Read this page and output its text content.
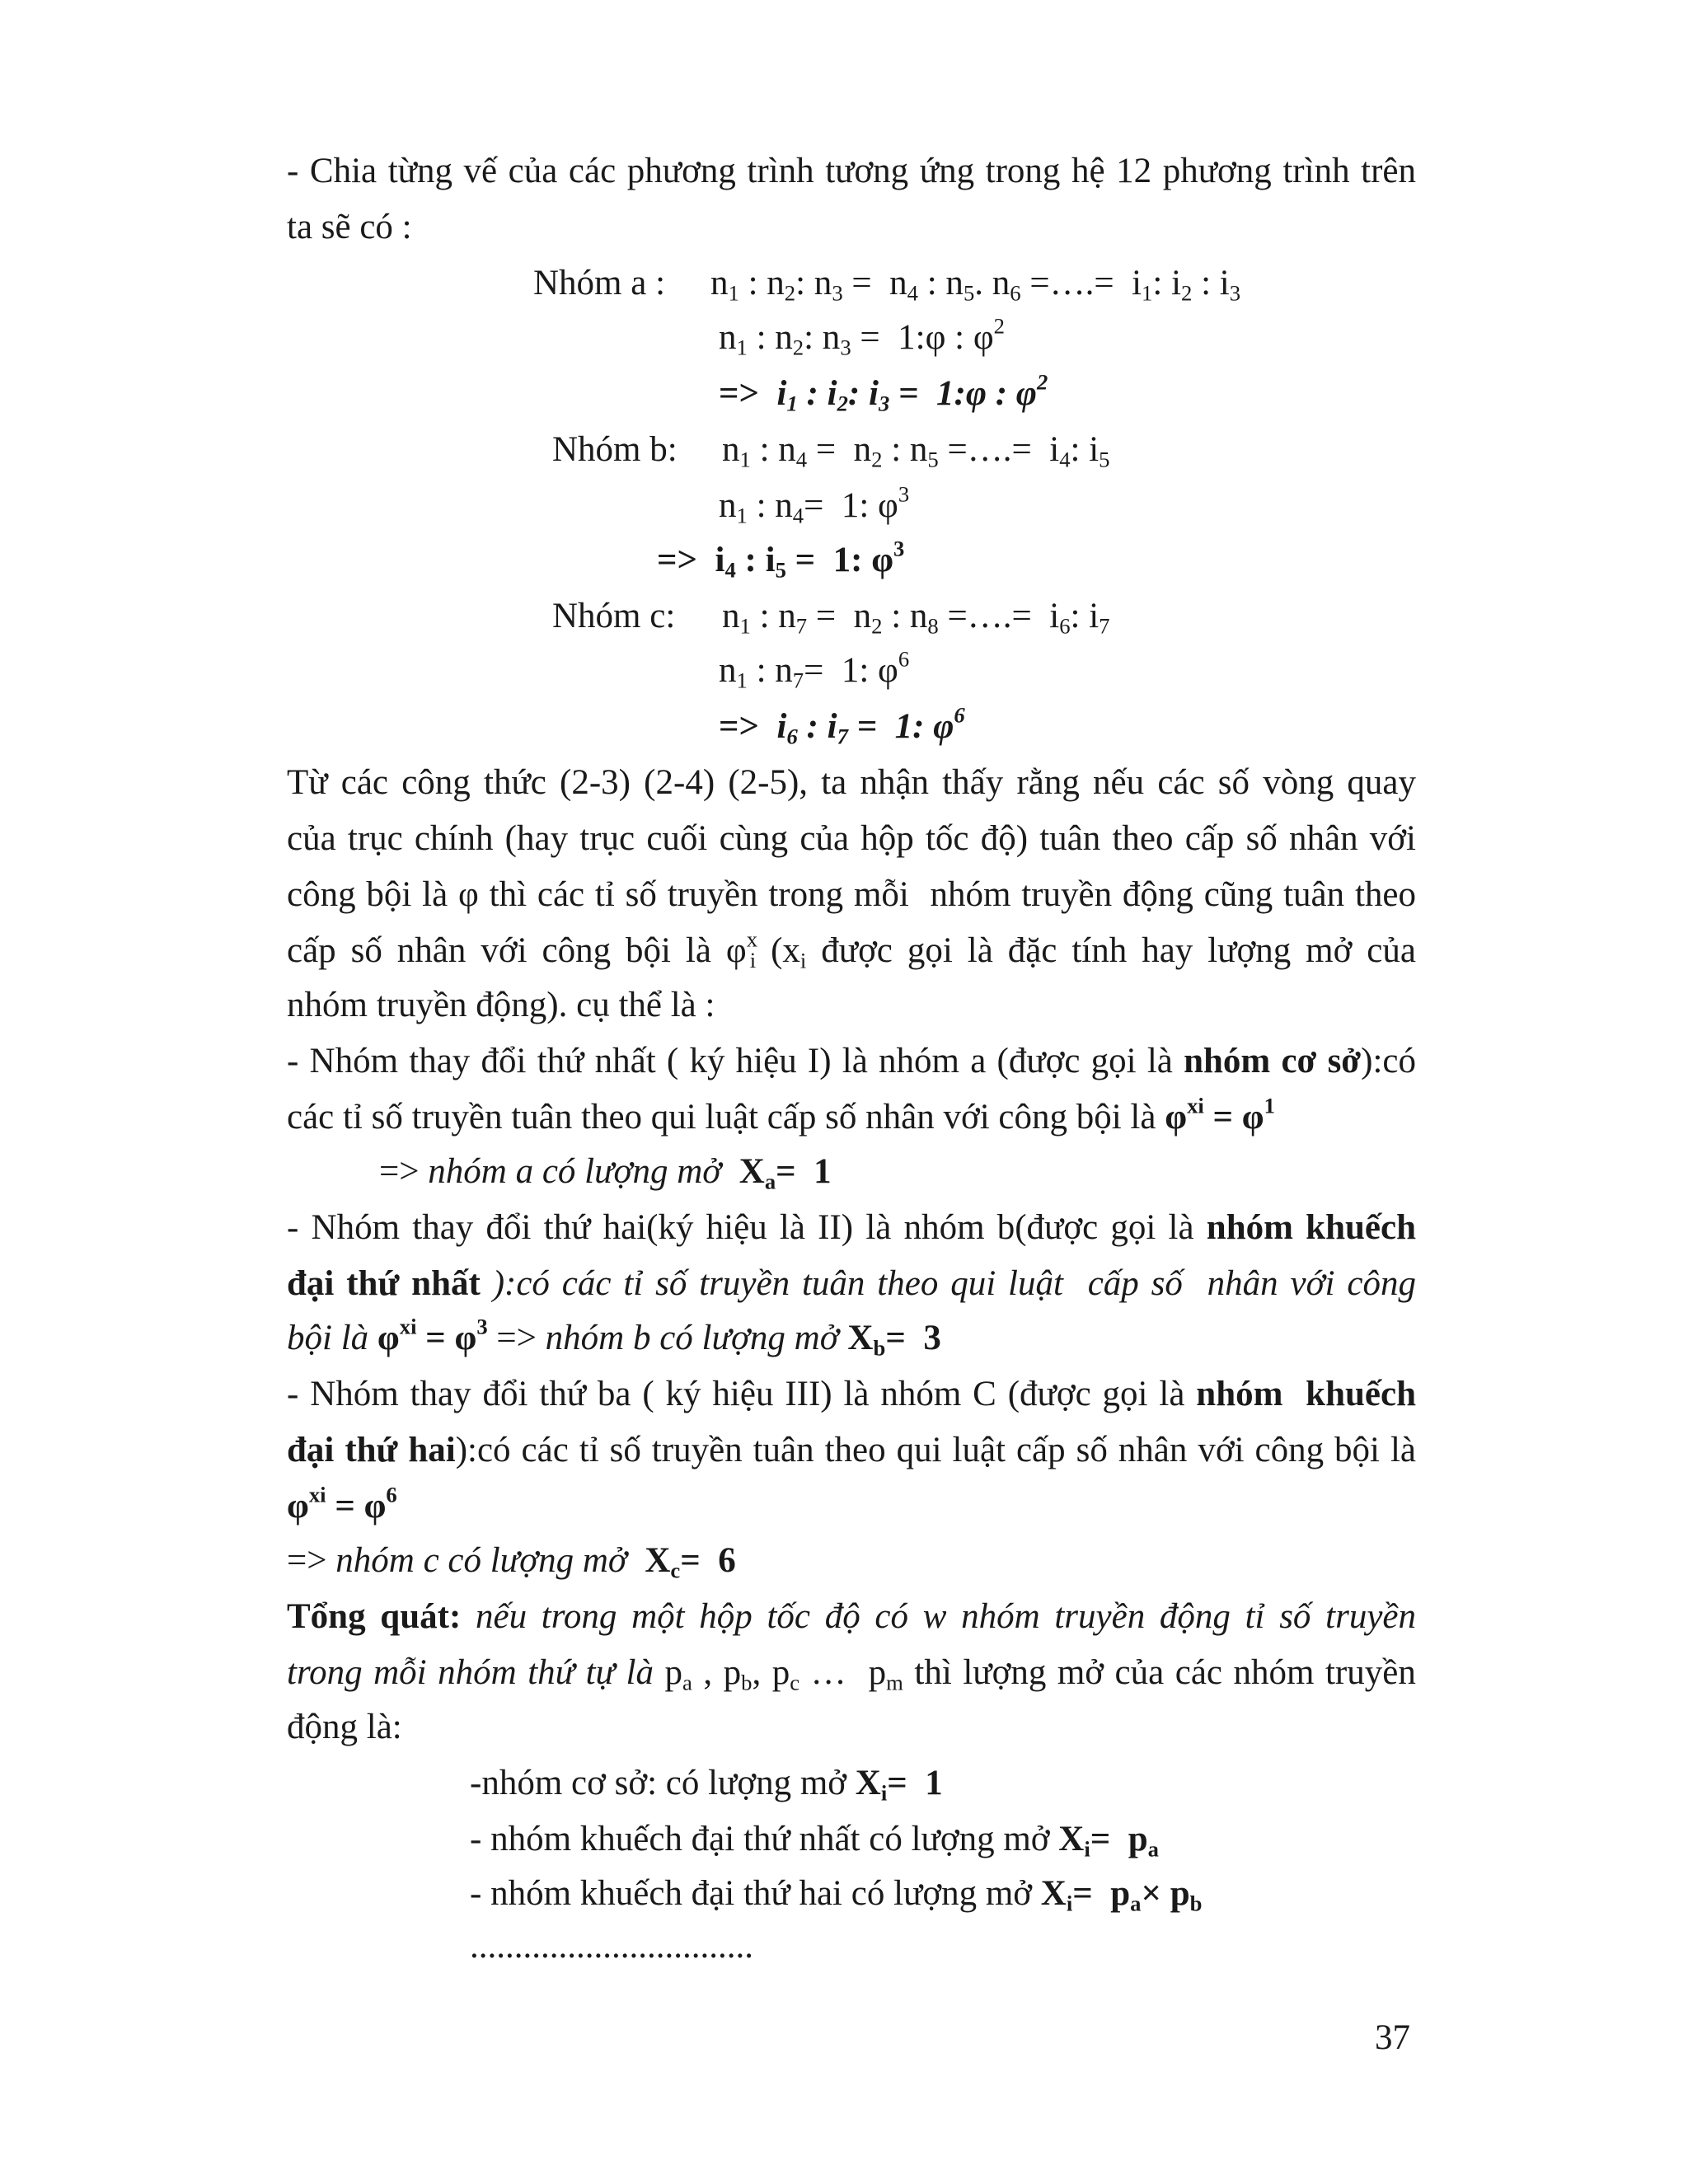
- Chia từng vế của các phương trình tương ứng trong hệ 12 phương trình trên
ta sẽ có :
Nhóm a : $n_1$ : $n_2$: $n_3 = n_4$ : $n_5$. $n_6$ =….=  $i_1$: $i_2$ : $i_3$
$n_1$ : $n_2$: $n_3$ =  1:φ : $\varphi^2$
=>  $i_1$ : $i_2$: $i_3$ =  1:φ : $\varphi^2$
Nhóm b: $n_1$ : $n_4 = n_2$ : $n_5$ =….=  $i_4$: $i_5$
$n_1$ : $n_4= 1$: $\varphi^3$
=>  $i_4$ : $i_5 = 1$: $\varphi^3$
Nhóm c: $n_1$ : $n_7 = n_2$ : $n_8$ =….=  $i_6$: $i_7$
$n_1$ : $n_7= 1$: $\varphi^6$
=>  $i_6$ : $i_7 = 1$: $\varphi^6$
Từ các công thức (2-3) (2-4) (2-5), ta nhận thấy rằng nếu các số vòng quay
của trục chính (hay trục cuối cùng của hộp tốc độ) tuân theo cấp số nhân với
công bội là φ thì các tỉ số truyền trong mỗi  nhóm truyền động cũng tuân theo
cấp số nhân với công bội là $\varphi^x_i$ ($x_i$ được gọi là đặc tính hay lượng mở của
nhóm truyền động). cụ thể là :
- Nhóm thay đổi thứ nhất ( ký hiệu I) là nhóm a (được gọi là nhóm cơ sở):có
các tỉ số truyền tuân theo qui luật cấp số nhân với công bội là $\varphi^{xi} = \varphi^1$
=> nhóm a có lượng mở $X_a= 1$
- Nhóm thay đổi thứ hai(ký hiệu là II) là nhóm b(được gọi là nhóm khuếch
đại thứ nhất ):có các tỉ số truyền tuân theo qui luật  cấp số  nhân với công
bội là $\varphi^{xi} = \varphi^3$ => nhóm b có lượng mở $X_b= 3$
- Nhóm thay đổi thứ ba ( ký hiệu III) là nhóm C (được gọi là nhóm  khuếch
đại thứ hai):có các tỉ số truyền tuân theo qui luật cấp số nhân với công bội là
$\varphi^{xi} = \varphi^6$
=> nhóm c có lượng mở $X_c= 6$
Tổng quát: nếu trong một hộp tốc độ có w nhóm truyền động tỉ số truyền
trong mỗi nhóm thứ tự là $p_a$ , $p_b$, $p_c$ …  $p_m$ thì lượng mở của các nhóm truyền
động là:
-nhóm cơ sở: có lượng mở $X_i= 1$
- nhóm khuếch đại thứ nhất có lượng mở $X_i= p_a$
- nhóm khuếch đại thứ hai có lượng mở $X_i= p_a\times p_b$
................................
37
